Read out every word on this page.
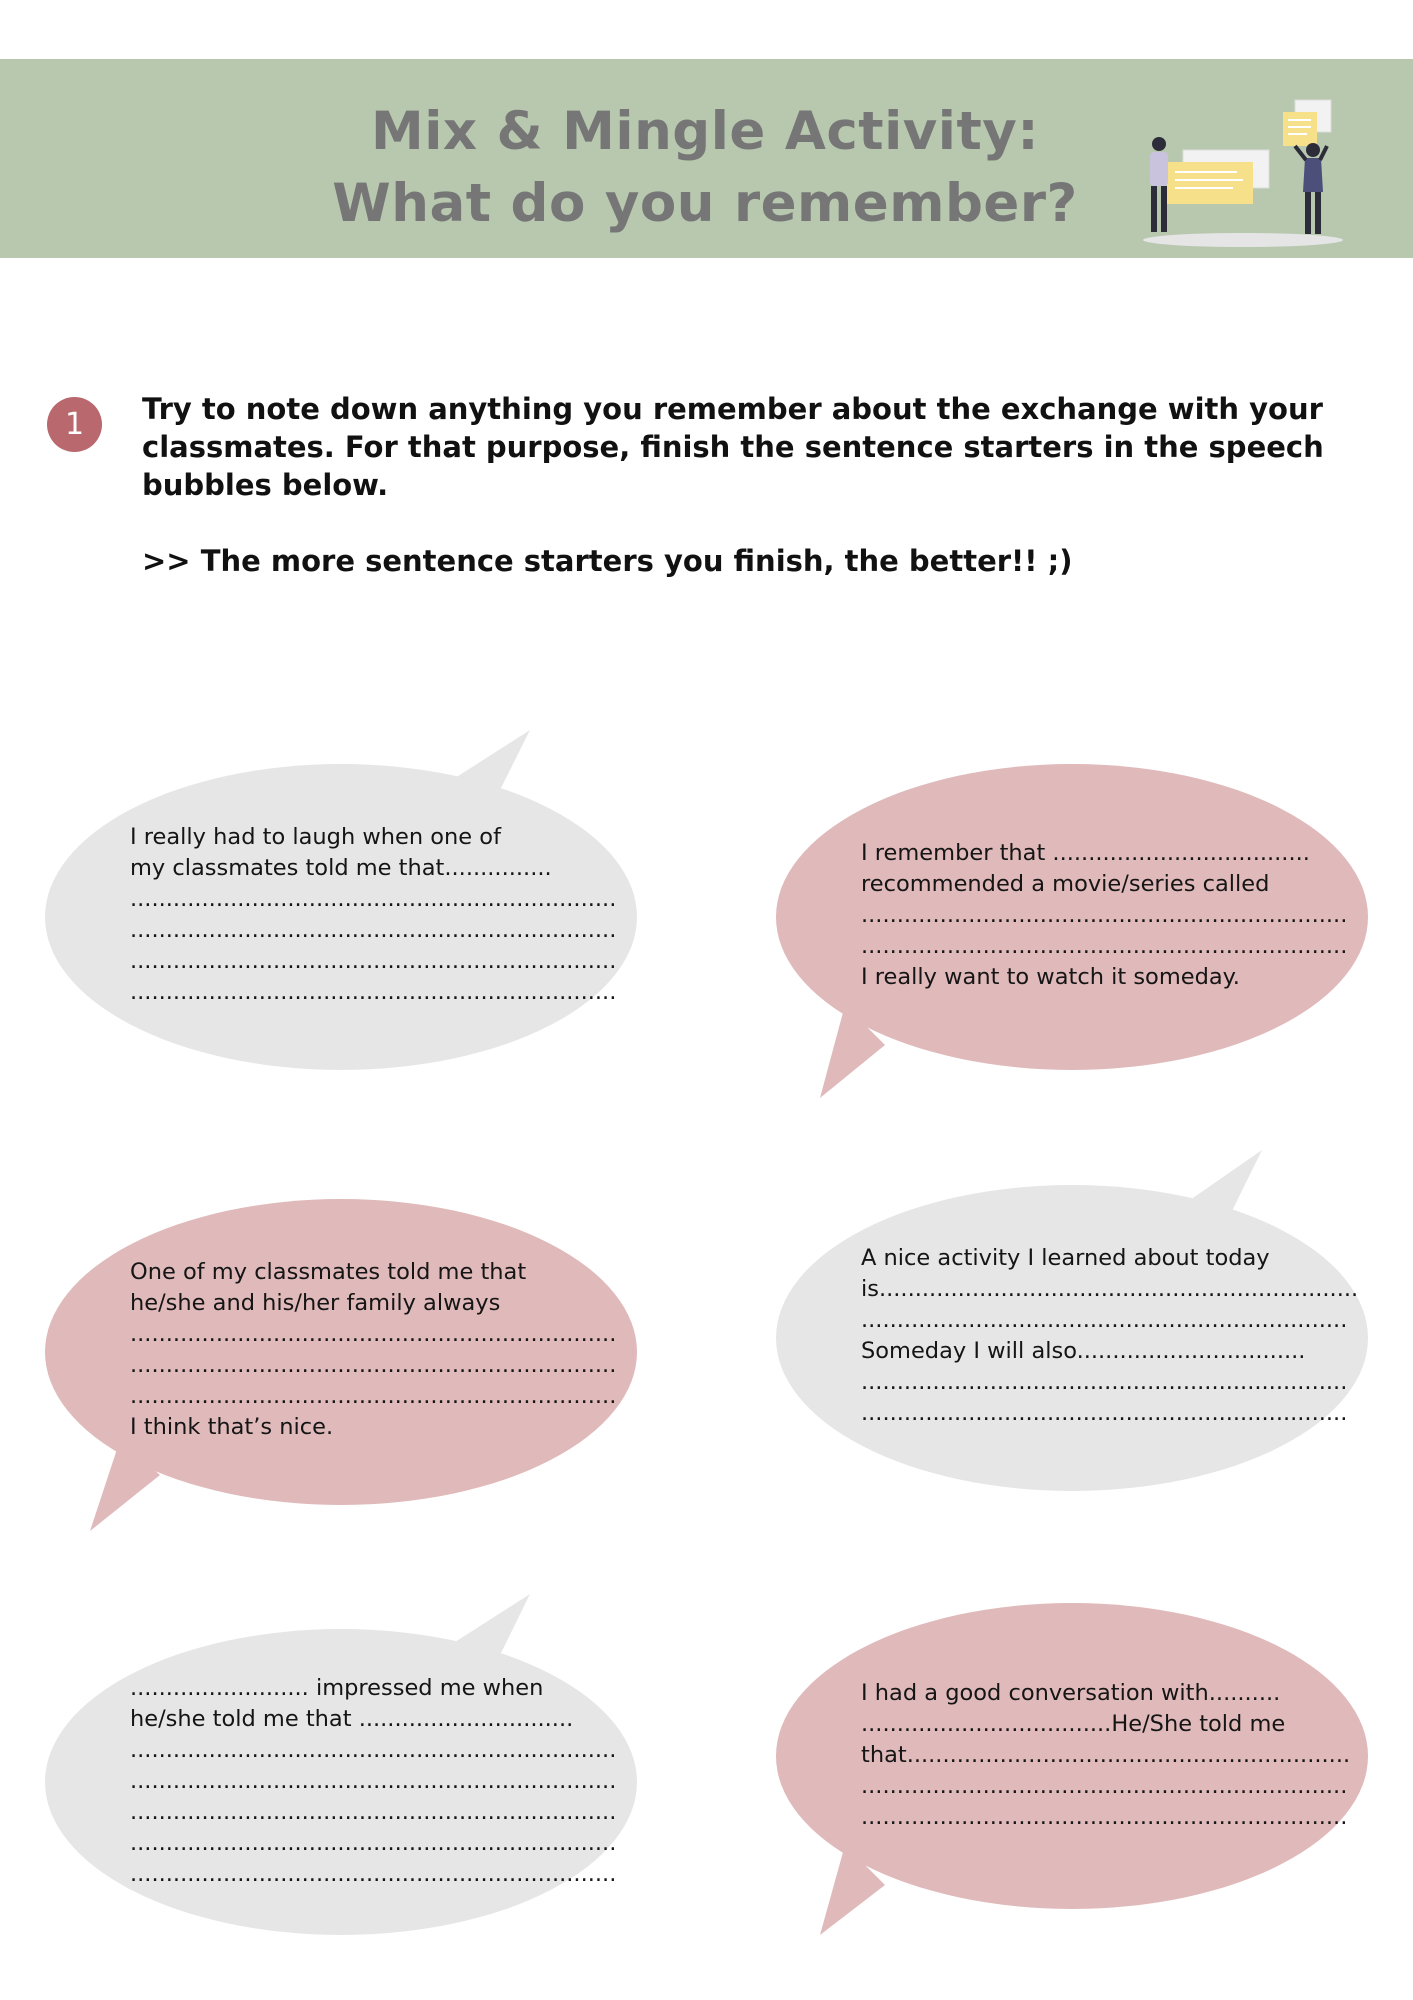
Mix & Mingle Activity:
What do you remember?
1	Try to note down anything you remember about the exchange with your classmates. For that purpose, finish the sentence starters in the speech bubbles below.

>> The more sentence starters you finish, the better!! ;)

I really had to laugh when one of
my classmates told me that...............
....................................................................
....................................................................
....................................................................
....................................................................
I remember that ....................................
recommended a movie/series called
....................................................................
....................................................................
I really want to watch it someday.
One of my classmates told me that
he/she and his/her family always
....................................................................
....................................................................
....................................................................
I think that’s nice.
A nice activity I learned about today
is...................................................................
....................................................................
Someday I will also................................
....................................................................
....................................................................
......................... impressed me when
he/she told me that ..............................
....................................................................
....................................................................
....................................................................
....................................................................
....................................................................
I had a good conversation with..........
...................................He/She told me
that..............................................................
....................................................................
....................................................................
